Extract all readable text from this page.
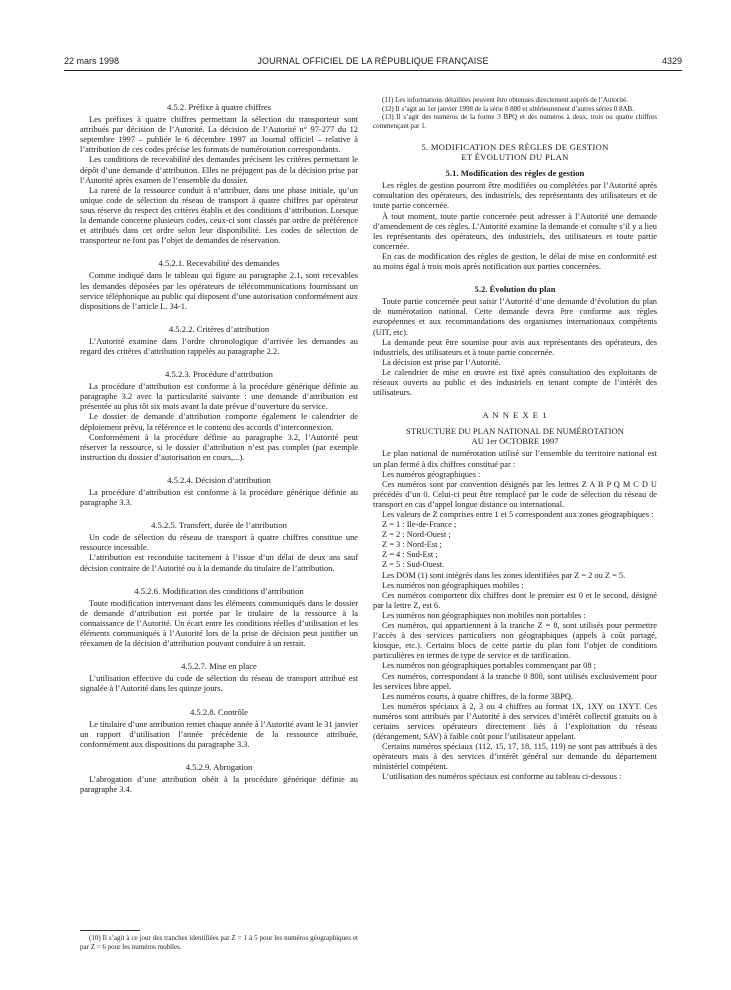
22 mars 1998	JOURNAL OFFICIEL DE LA RÉPUBLIQUE FRANÇAISE	4329
4.5.2. Préfixe à quatre chiffres

Les préfixes à quatre chiffres permettant la sélection du transporteur sont attribués par décision de l’Autorité. La décision de l’Autorité n° 97-277 du 12 septembre 1997 – publiée le 6 décembre 1997 au Journal officiel – relative à l’attribution de ces codes précise les formats de numérotation correspondants.

Les conditions de recevabilité des demandes précisent les critères permettant le dépôt d’une demande d’attribution. Elles ne préjugent pas de la décision prise par l’Autorité après examen de l’ensemble du dossier.

La rareté de la ressource conduit à n’attribuer, dans une phase initiale, qu’un unique code de sélection du réseau de transport à quatre chiffres par opérateur sous réserve du respect des critères établis et des conditions d’attribution. Lorsque la demande concerne plusieurs codes, ceux-ci sont classés par ordre de préférence et attribués dans cet ordre selon leur disponibilité. Les codes de sélection de transporteur ne font pas l’objet de demandes de réservation.

4.5.2.1. Recevabilité des demandes

Comme indiqué dans le tableau qui figure au paragraphe 2.1, sont recevables les demandes déposées par les opérateurs de télécommunications fournissant un service téléphonique au public qui disposent d’une autorisation conformément aux dispositions de l’article L. 34-1.

4.5.2.2. Critères d’attribution

L’Autorité examine dans l’ordre chronologique d’arrivée les demandes au regard des critères d’attribution rappelés au paragraphe 2.2.

4.5.2.3. Procédure d’attribution

La procédure d’attribution est conforme à la procédure générique définie au paragraphe 3.2 avec la particularité suivante : une demande d’attribution est présentée au plus tôt six mois avant la date prévue d’ouverture du service.

Le dossier de demande d’attribution comporte également le calendrier de déploiement prévu, la référence et le contenu des accords d’interconnexion.

Conformément à la procédure définie au paragraphe 3.2, l’Autorité peut réserver la ressource, si le dossier d’attribution n’est pas complet (par exemple instruction du dossier d’autorisation en cours,...).

4.5.2.4. Décision d’attribution

La procédure d’attribution est conforme à la procédure générique définie au paragraphe 3.3.

4.5.2.5. Transfert, durée de l’attribution

Un code de sélection du réseau de transport à quatre chiffres constitue une ressource incessible.

L’attribution est reconduite tacitement à l’issue d’un délai de deux ans sauf décision contraire de l’Autorité ou à la demande du titulaire de l’attribution.

4.5.2.6. Modification des conditions d’attribution

Toute modification intervenant dans les éléments communiqués dans le dossier de demande d’attribution est portée par le titulaire de la ressource à la connaissance de l’Autorité. Un écart entre les conditions réelles d’utilisation et les éléments communiqués à l’Autorité lors de la prise de décision peut justifier un réexamen de la décision d’attribution pouvant conduire à un retrait.

4.5.2.7. Mise en place

L’utilisation effective du code de sélection du réseau de transport attribué est signalée à l’Autorité dans les quinze jours.

4.5.2.8. Contrôle

Le titulaire d’une attribution remet chaque année à l’Autorité avant le 31 janvier un rapport d’utilisation l’année précédente de la ressource attribuée, conformément aux dispositions du paragraphe 3.3.

4.5.2.9. Abrogation

L’abrogation d’une attribution obéit à la procédure générique définie au paragraphe 3.4.

(10) Il s’agit à ce jour des tranches identifiées par Z = 1 à 5 pour les numéros géographiques et par Z = 6 pour les numéros mobiles.

(11) Les informations détaillées peuvent être obtenues directement auprès de l’Autorité.

(12) Il s’agit au 1er janvier 1998 de la série 0 800 et ultérieurement d’autres séries 0 8AB.

(13) Il s’agit des numéros de la forme 3 BPQ et des numéros à deux, trois ou quatre chiffres commençant par 1.

5. MODIFICATION DES RÈGLES DE GESTION
ET ÉVOLUTION DU PLAN
5.1. Modification des règles de gestion

Les règles de gestion pourront être modifiées ou complétées par l’Autorité après consultation des opérateurs, des industriels, des représentants des utilisateurs et de toute partie concernée.

À tout moment, toute partie concernée peut adresser à l’Autorité une demande d’amendement de ces règles. L’Autorité examine la demande et consulte s’il y a lieu les représentants des opérateurs, des industriels, des utilisateurs et toute partie concernée.

En cas de modification des règles de gestion, le délai de mise en conformité est au moins égal à trois mois après notification aux parties concernées.

5.2. Évolution du plan

Toute partie concernée peut saisir l’Autorité d’une demande d’évolution du plan de numérotation national. Cette demande devra être conforme aux règles européennes et aux recommandations des organismes internationaux compétents (UIT, etc).

La demande peut être soumise pour avis aux représentants des opérateurs, des industriels, des utilisateurs et à toute partie concernée.

La décision est prise par l’Autorité.

Le calendrier de mise en œuvre est fixé après consultation des exploitants de réseaux ouverts au public et des industriels en tenant compte de l’intérêt des utilisateurs.

A N N E X E 1
STRUCTURE DU PLAN NATIONAL DE NUMÉROTATION
AU 1er OCTOBRE 1997

Le plan national de numérotation utilisé sur l’ensemble du territoire national est un plan fermé à dix chiffres constitué par :

Les numéros géographiques :

Ces numéros sont par convention désignés par les lettres Z A B P Q M C D U précédés d’un 0. Celui-ci peut être remplacé par le code de sélection du réseau de transport en cas d’appel longue distance ou international.

Les valeurs de Z comprises entre 1 et 5 correspondent aux zones géographiques :

Z = 1 : Ile-de-France ;

Z = 2 : Nord-Ouest ;

Z = 3 : Nord-Est ;

Z = 4 : Sud-Est ;

Z = 5 : Sud-Ouest.

Les DOM (1) sont intégrés dans les zones identifiées par Z = 2 ou Z = 5.

Les numéros non géographiques mobiles :

Ces numéros comportent dix chiffres dont le premier est 0 et le second, désigné par la lettre Z, est 6.

Les numéros non géographiques non mobiles non portables :

Ces numéros, qui appartiennent à la tranche Z = 8, sont utilisés pour permettre l’accès à des services particuliers non géographiques (appels à coût partagé, kiosque, etc.). Certains blocs de cette partie du plan font l’objet de conditions particulières en termes de type de service et de tarification.

Les numéros non géographiques portables commençant par 08 ;

Ces numéros, correspondant à la tranche 0 800, sont utilisés exclusivement pour les services libre appel.

Les numéros courts, à quatre chiffres, de la forme 3BPQ.

Les numéros spéciaux à 2, 3 ou 4 chiffres au format 1X, 1XY ou 1XYT. Ces numéros sont attribués par l’Autorité à des services d’intérêt collectif gratuits ou à certains services opérateurs directement liés à l’exploitation du réseau (dérangement, SAV) à faible coût pour l’utilisateur appelant.

Certains numéros spéciaux (112, 15, 17, 18, 115, 119) ne sont pas attribués à des opérateurs mais à des services d’intérêt général sur demande du département ministériel compétent.

L’utilisation des numéros spéciaux est conforme au tableau ci-dessous :
